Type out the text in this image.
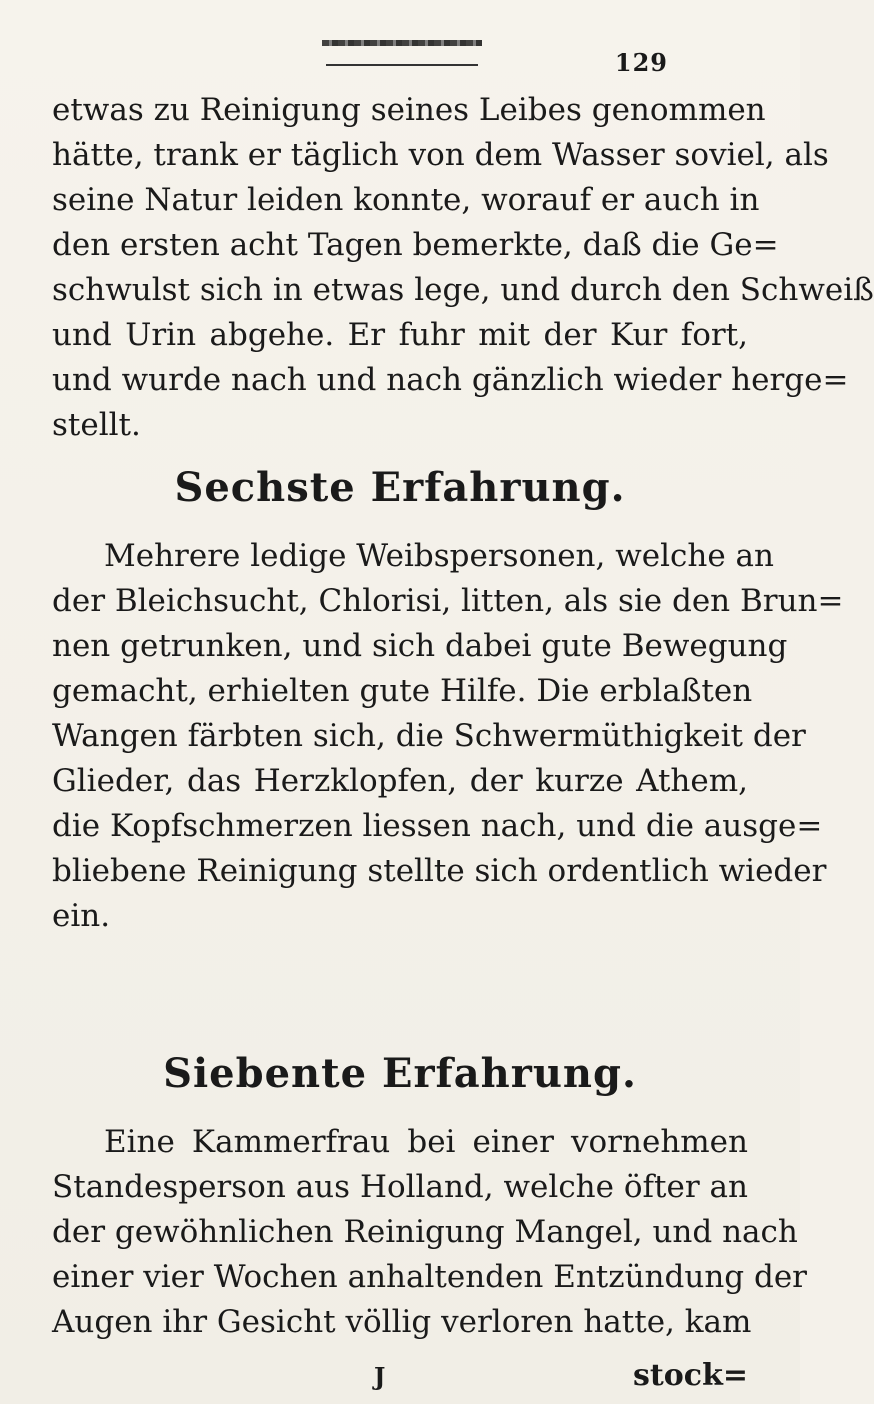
129
etwas zu Reinigung seines Leibes genommen
hätte, trank er täglich von dem Wasser soviel, als
seine Natur leiden konnte, worauf er auch in
den ersten acht Tagen bemerkte, daß die Ge=
schwulst sich in etwas lege, und durch den Schweiß
und Urin abgehe. Er fuhr mit der Kur fort,
und wurde nach und nach gänzlich wieder herge=
stellt.
Sechste Erfahrung.
Mehrere ledige Weibspersonen, welche an
der Bleichsucht, Chlorisi, litten, als sie den Brun=
nen getrunken, und sich dabei gute Bewegung
gemacht, erhielten gute Hilfe. Die erblaßten
Wangen färbten sich, die Schwermüthigkeit der
Glieder, das Herzklopfen, der kurze Athem,
die Kopfschmerzen liessen nach, und die ausge=
bliebene Reinigung stellte sich ordentlich wieder
ein.
Siebente Erfahrung.
Eine Kammerfrau bei einer vornehmen
Standesperson aus Holland, welche öfter an
der gewöhnlichen Reinigung Mangel, und nach
einer vier Wochen anhaltenden Entzündung der
Augen ihr Gesicht völlig verloren hatte, kam
J	stock=
